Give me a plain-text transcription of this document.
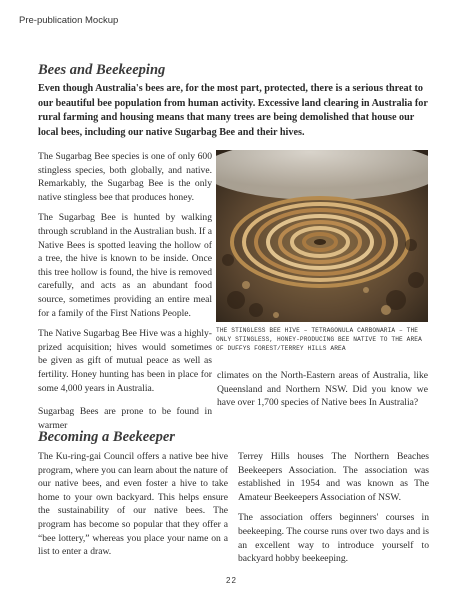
Pre-publication Mockup
Bees and Beekeeping

Even though Australia's bees are, for the most part, protected, there is a serious threat to our beautiful bee population from human activity. Excessive land clearing in Australia for rural farming and housing means that many trees are being demolished that house our local bees, including our native Sugarbag Bee and their hives.

The Sugarbag Bee species is one of only 600 stingless species, both globally, and native. Remarkably, the Sugarbag Bee is the only native stingless bee that produces honey.

The Sugarbag Bee is hunted by walking through scrubland in the Australian bush. If a Native Bees is spotted leaving the hollow of a tree, the hive is known to be inside. Once this tree hollow is found, the hive is removed carefully, and acts as an abundant food source, sometimes providing an entire meal for a family of the First Nations People.

The Native Sugarbag Bee Hive was a highly-prized acquisition; hives would sometimes be given as gift of mutual peace as well as fertility. Honey hunting has been in place for some 4,000 years in Australia.

Sugarbag Bees are prone to be found in warmer

THE STINGLESS BEE HIVE – TETRAGONULA CARBONARIA – THE ONLY STINGLESS, HONEY-PRODUCING BEE NATIVE TO THE AREA OF DUFFYS FOREST/TERREY HILLS AREA

climates on the North-Eastern areas of Australia, like Queensland and Northern NSW. Did you know we have over 1,700 species of Native bees In Australia?

Becoming a Beekeeper

The Ku-ring-gai Council offers a native bee hive program, where you can learn about the nature of our native bees, and even foster a hive to take home to your own backyard. This helps ensure the sustainability of our native bees. The program has become so popular that they offer a “bee lottery,” whereas you place your name on a list to enter a draw.

Terrey Hills houses The Northern Beaches Beekeepers Association. The association was established in 1954 and was known as The Amateur Beekeepers Association of NSW.

The association offers beginners' courses in beekeeping. The course runs over two days and is an excellent way to introduce yourself to backyard hobby beekeeping.

22
